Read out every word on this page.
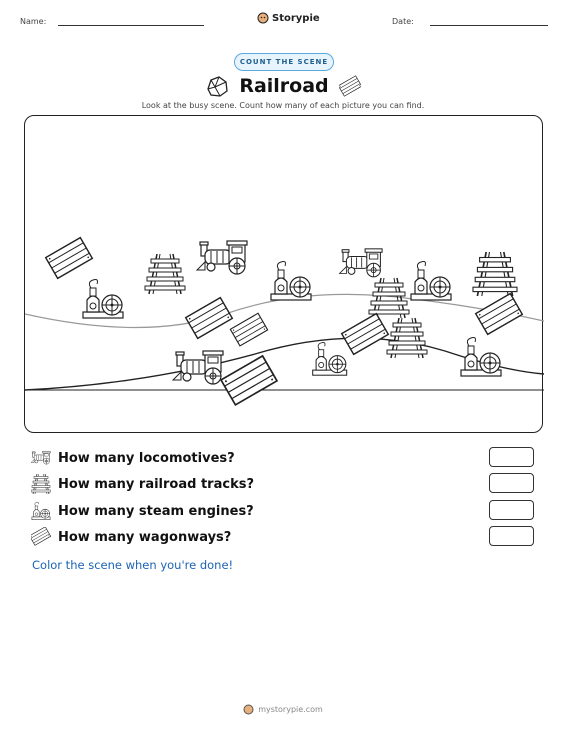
Name:	Storypie	Date:
COUNT THE SCENE
Railroad
Look at the busy scene. Count how many of each picture you can find.
How many locomotives?
How many railroad tracks?
How many steam engines?
How many wagonways?
Color the scene when you're done!
mystorypie.com
